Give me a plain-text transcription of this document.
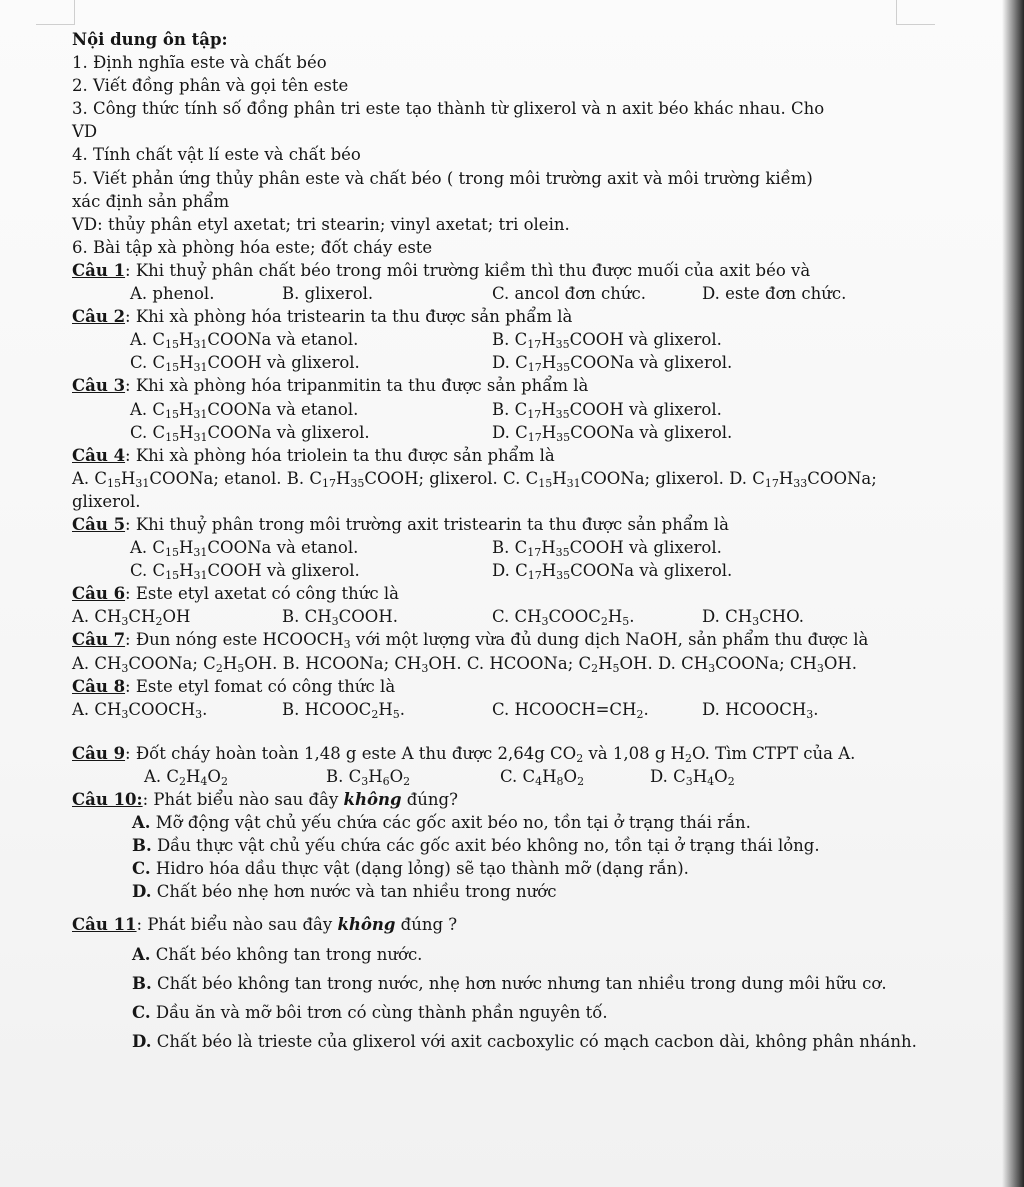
Nội dung ôn tập:

1. Định nghĩa este và chất béo

2. Viết đồng phân và gọi tên este

3. Công thức tính số đồng phân tri este tạo thành từ glixerol và n axit béo khác nhau. Cho

VD

4. Tính chất vật lí este và chất béo

5. Viết phản ứng thủy phân este và chất béo ( trong môi trường axit và môi trường kiềm)

xác định sản phẩm

VD: thủy phân etyl axetat; tri stearin; vinyl axetat; tri olein.

6. Bài tập xà phòng hóa este; đốt cháy este

Câu 1: Khi thuỷ phân chất béo trong môi trường kiềm thì thu được muối của axit béo và

A. phenol.	B. glixerol.	C. ancol đơn chức.	D. este đơn chức.

Câu 2: Khi xà phòng hóa tristearin ta thu được sản phẩm là

A. $C_{15}H_{31}COONa$ và etanol.	B. $C_{17}H_{35}COOH$ và glixerol.
C. $C_{15}H_{31}COOH$ và glixerol.	D. $C_{17}H_{35}COONa$ và glixerol.

Câu 3: Khi xà phòng hóa tripanmitin ta thu được sản phẩm là

A. $C_{15}H_{31}COONa$ và etanol.	B. $C_{17}H_{35}COOH$ và glixerol.
C. $C_{15}H_{31}COONa$ và glixerol.	D. $C_{17}H_{35}COONa$ và glixerol.

Câu 4: Khi xà phòng hóa triolein ta thu được sản phẩm là

A. $C_{15}H_{31}COONa$; etanol. B. $C_{17}H_{35}COOH$; glixerol. C. $C_{15}H_{31}COONa$; glixerol. D. $C_{17}H_{33}COONa$; glixerol.

Câu 5: Khi thuỷ phân trong môi trường axit tristearin ta thu được sản phẩm là

A. $C_{15}H_{31}COONa$ và etanol.	B. $C_{17}H_{35}COOH$ và glixerol.
C. $C_{15}H_{31}COOH$ và glixerol.	D. $C_{17}H_{35}COONa$ và glixerol.

Câu 6: Este etyl axetat có công thức là

A. $CH_3CH_2OH$	B. $CH_3COOH$.	C. $CH_3COOC_2H_5$.	D. $CH_3CHO$.

Câu 7: Đun nóng este $HCOOCH_3$ với một lượng vừa đủ dung dịch NaOH, sản phẩm thu được là

A. $CH_3COONa$; $C_2H_5OH$. B. HCOONa; $CH_3OH$. C. HCOONa; $C_2H_5OH$. D. $CH_3COONa$; $CH_3OH$.

Câu 8: Este etyl fomat có công thức là

A. $CH_3COOCH_3$.	B. $HCOOC_2H_5$.	C. $HCOOCH=CH_2$.	D. $HCOOCH_3$.

Câu 9: Đốt cháy hoàn toàn 1,48 g este A thu được 2,64g $CO_2$ và 1,08 g $H_2O$. Tìm CTPT của A.

A. $C_2H_4O_2$	B. $C_3H_6O_2$	C. $C_4H_8O_2$	D. $C_3H_4O_2$

Câu 10:: Phát biểu nào sau đây không đúng?

A. Mỡ động vật chủ yếu chứa các gốc axit béo no, tồn tại ở trạng thái rắn.

B. Dầu thực vật chủ yếu chứa các gốc axit béo không no, tồn tại ở trạng thái lỏng.

C. Hidro hóa dầu thực vật (dạng lỏng) sẽ tạo thành mỡ (dạng rắn).

D. Chất béo nhẹ hơn nước và tan nhiều trong nước

Câu 11: Phát biểu nào sau đây không đúng ?

A. Chất béo không tan trong nước.

B. Chất béo không tan trong nước, nhẹ hơn nước nhưng tan nhiều trong dung môi hữu cơ.

C. Dầu ăn và mỡ bôi trơn có cùng thành phần nguyên tố.

D. Chất béo là trieste của glixerol với axit cacboxylic có mạch cacbon dài, không phân nhánh.
